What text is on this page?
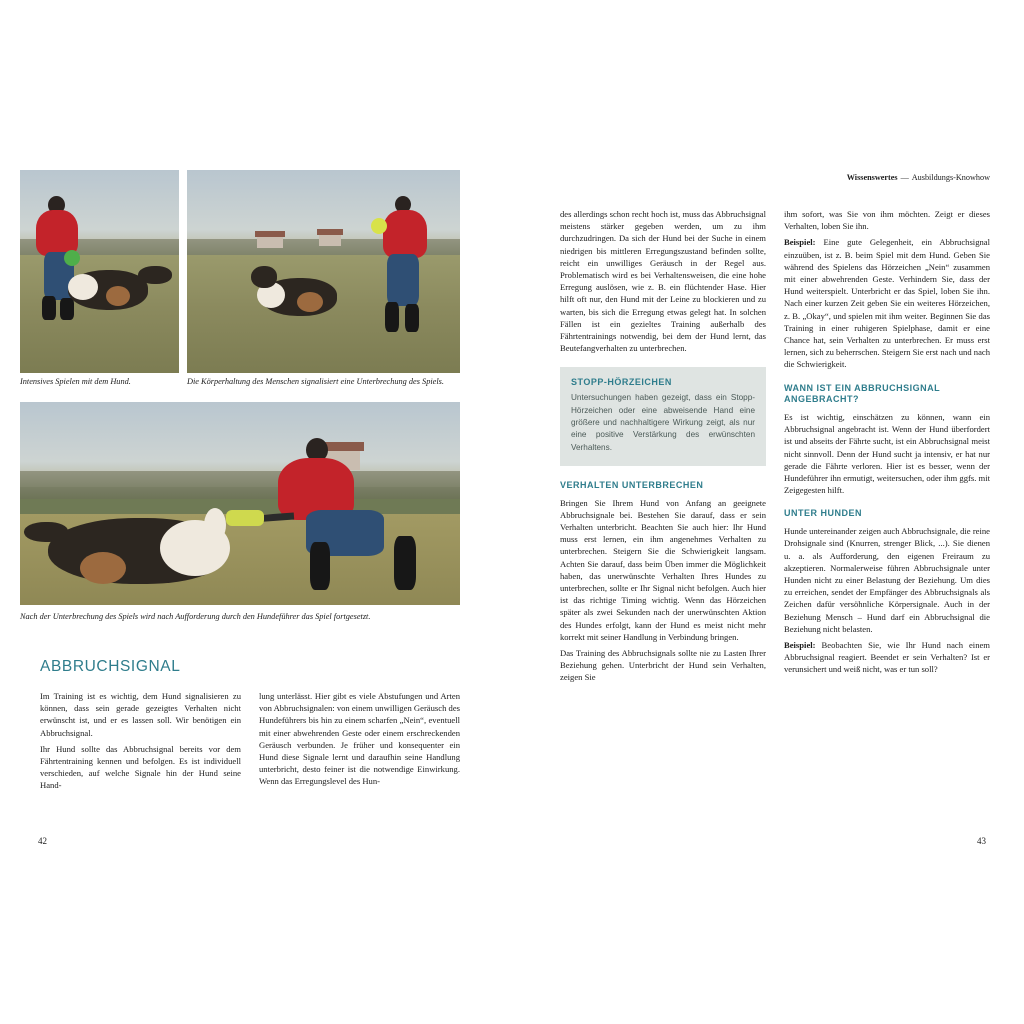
Intensives Spielen mit dem Hund.	Die Körperhaltung des Menschen signalisiert eine Unterbrechung des Spiels.
Nach der Unterbrechung des Spiels wird nach Aufforderung durch den Hundeführer das Spiel fortgesetzt.
ABBRUCHSIGNAL

Im Training ist es wichtig, dem Hund signalisieren zu können, dass sein gerade gezeigtes Verhalten nicht erwünscht ist, und er es lassen soll. Wir benötigen ein Abbruchsignal.

Ihr Hund sollte das Abbruchsignal bereits vor dem Fährtentraining kennen und befolgen. Es ist individuell verschieden, auf welche Signale hin der Hund seine Hand-

lung unterlässt. Hier gibt es viele Abstufungen und Arten von Abbruchsignalen: von einem unwilligen Geräusch des Hundeführers bis hin zu einem scharfen „Nein“, eventuell mit einer abwehrenden Geste oder einem erschreckenden Geräusch verbunden. Je früher und konsequenter ein Hund diese Signale lernt und daraufhin seine Handlung unterbricht, desto feiner ist die notwendige Einwirkung. Wenn das Erregungslevel des Hun-

Wissenswertes — Ausbildungs-Knowhow

des allerdings schon recht hoch ist, muss das Abbruchsignal meistens stärker gegeben werden, um zu ihm durchzudringen. Da sich der Hund bei der Suche in einem niedrigen bis mittleren Erregungszustand befinden sollte, reicht ein unwilliges Geräusch in der Regel aus. Problematisch wird es bei Verhaltensweisen, die eine hohe Erregung auslösen, wie z. B. ein flüchtender Hase. Hier hilft oft nur, den Hund mit der Leine zu blockieren und zu warten, bis sich die Erregung etwas gelegt hat. In solchen Fällen ist ein gezieltes Training außerhalb des Fährtentrainings notwendig, bei dem der Hund lernt, das Beutefangverhalten zu unterbrechen.

STOPP-HÖRZEICHEN
Untersuchungen haben gezeigt, dass ein Stopp-Hörzeichen oder eine abweisende Hand eine größere und nachhaltigere Wirkung zeigt, als nur eine positive Verstärkung des erwünschten Verhaltens.
VERHALTEN UNTERBRECHEN

Bringen Sie Ihrem Hund von Anfang an geeignete Abbruchsignale bei. Bestehen Sie darauf, dass er sein Verhalten unterbricht. Beachten Sie auch hier: Ihr Hund muss erst lernen, ein ihm angenehmes Verhalten zu unterbrechen. Steigern Sie die Schwierigkeit langsam. Achten Sie darauf, dass beim Üben immer die Möglichkeit haben, das unerwünschte Verhalten Ihres Hundes zu unterbrechen, sollte er Ihr Signal nicht befolgen. Auch hier ist das richtige Timing wichtig. Wenn das Hörzeichen später als zwei Sekunden nach der unerwünschten Aktion des Hundes erfolgt, kann der Hund es meist nicht mehr korrekt mit seiner Handlung in Verbindung bringen.

Das Training des Abbruchsignals sollte nie zu Lasten Ihrer Beziehung gehen. Unterbricht der Hund sein Verhalten, zeigen Sie

ihm sofort, was Sie von ihm möchten. Zeigt er dieses Verhalten, loben Sie ihn.

Beispiel: Eine gute Gelegenheit, ein Abbruchsignal einzuüben, ist z. B. beim Spiel mit dem Hund. Geben Sie während des Spielens das Hörzeichen „Nein“ zusammen mit einer abwehrenden Geste. Verhindern Sie, dass der Hund weiterspielt. Unterbricht er das Spiel, loben Sie ihn. Nach einer kurzen Zeit geben Sie ein weiteres Hörzeichen, z. B. „Okay“, und spielen mit ihm weiter. Beginnen Sie das Training in einer ruhigeren Spielphase, damit er eine Chance hat, sein Verhalten zu unterbrechen. Er muss erst lernen, sich zu beherrschen. Steigern Sie erst nach und nach die Schwierigkeit.

WANN IST EIN ABBRUCHSIGNAL ANGEBRACHT?

Es ist wichtig, einschätzen zu können, wann ein Abbruchsignal angebracht ist. Wenn der Hund überfordert ist und abseits der Fährte sucht, ist ein Abbruchsignal meist nicht sinnvoll. Denn der Hund sucht ja intensiv, er hat nur gerade die Fährte verloren. Hier ist es besser, wenn der Hundeführer ihn ermutigt, weitersuchen, oder ihm ggfs. mit Zeigegesten hilft.

UNTER HUNDEN

Hunde untereinander zeigen auch Abbruchsignale, die reine Drohsignale sind (Knurren, strenger Blick, ...). Sie dienen u. a. als Aufforderung, den eigenen Freiraum zu akzeptieren. Normalerweise führen Abbruchsignale unter Hunden nicht zu einer Belastung der Beziehung. Um dies zu erreichen, sendet der Empfänger des Abbruchsignals als Zeichen dafür versöhnliche Körpersignale. Auch in der Beziehung Mensch – Hund darf ein Abbruchsignal die Beziehung nicht belasten.

Beispiel: Beobachten Sie, wie Ihr Hund nach einem Abbruchsignal reagiert. Beendet er sein Verhalten? Ist er verunsichert und weiß nicht, was er tun soll?

42	43
